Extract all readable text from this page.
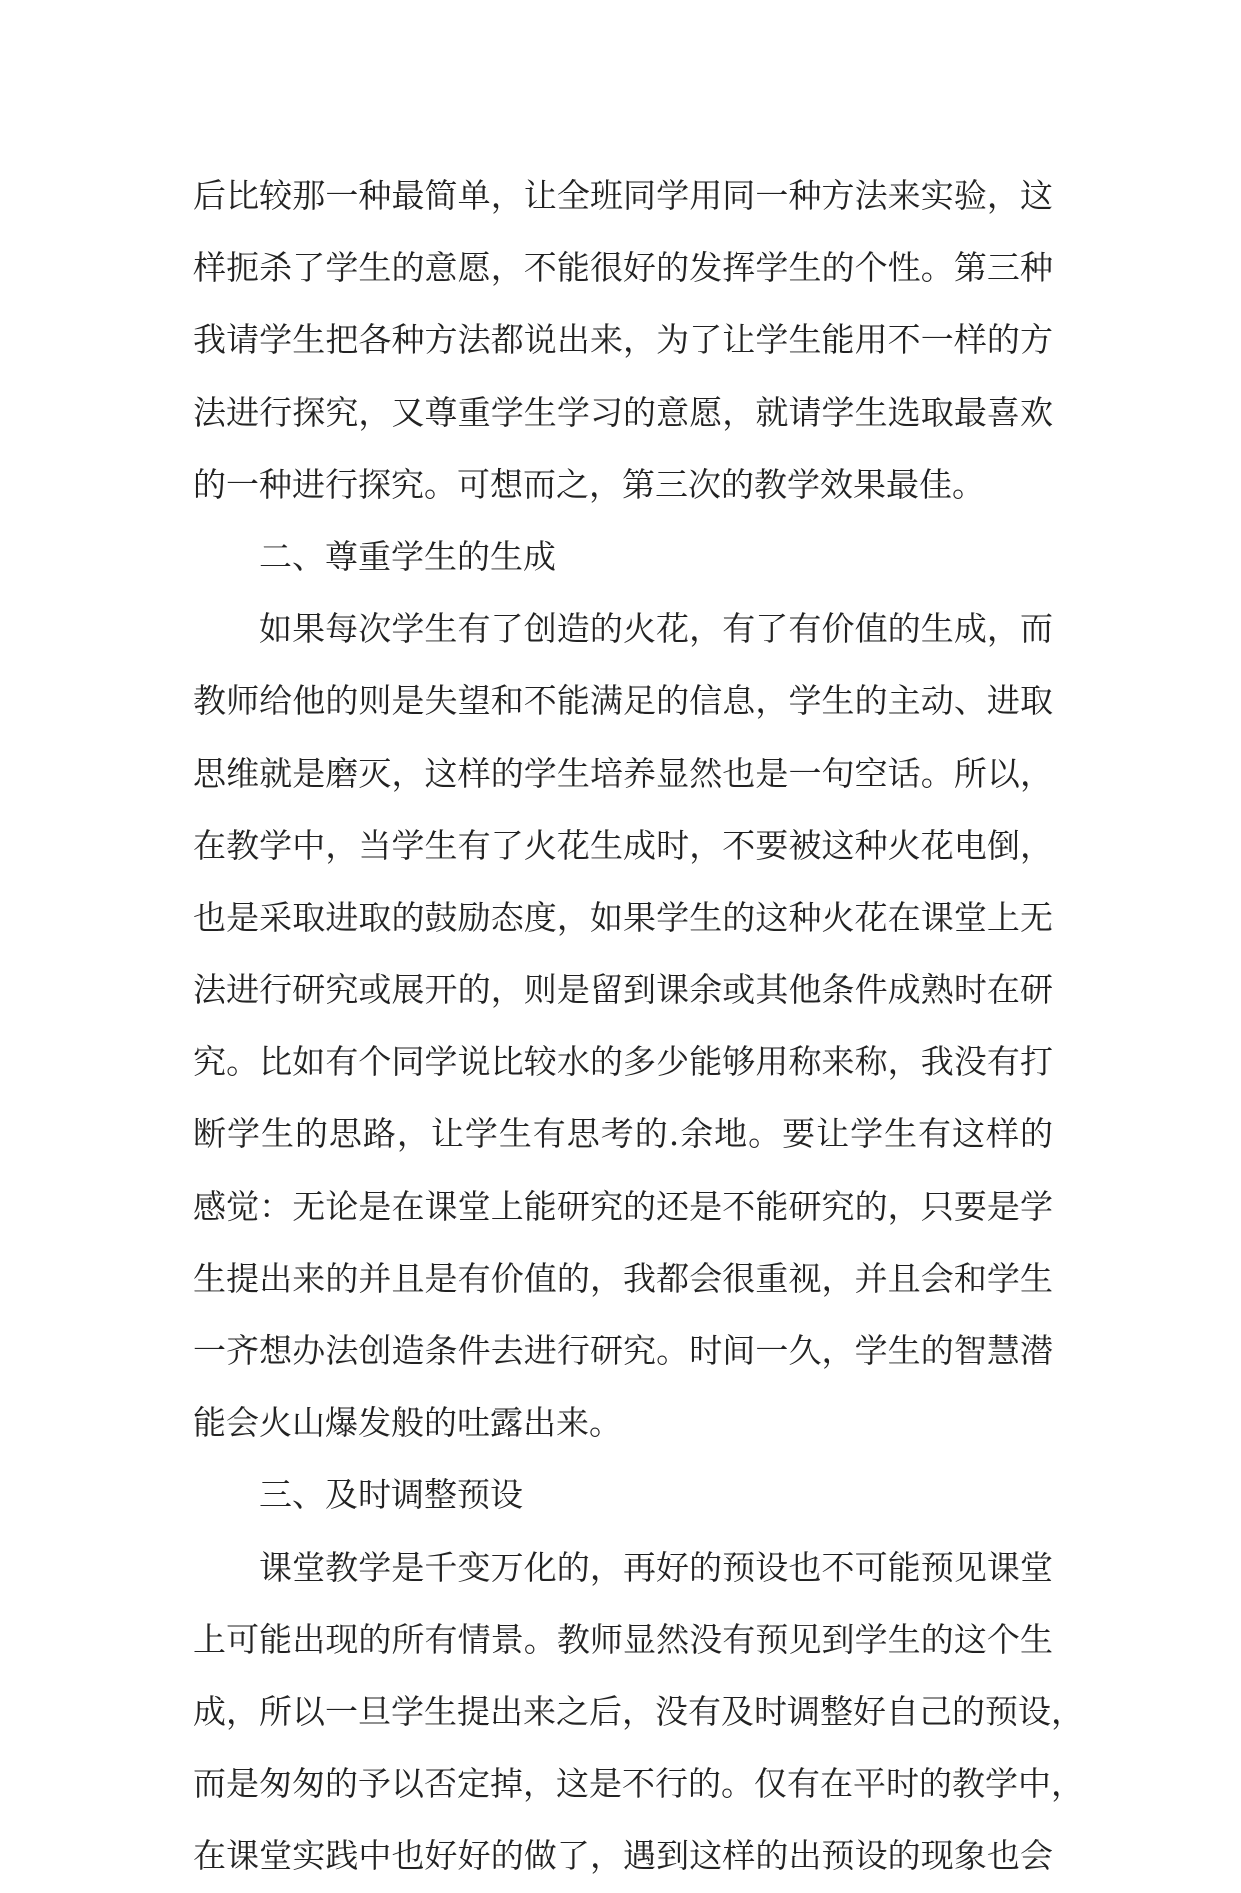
后比较那一种最简单，让全班同学用同一种方法来实验，这
样扼杀了学生的意愿，不能很好的发挥学生的个性。第三种
我请学生把各种方法都说出来，为了让学生能用不一样的方
法进行探究，又尊重学生学习的意愿，就请学生选取最喜欢
的一种进行探究。可想而之，第三次的教学效果最佳。
二、尊重学生的生成
如果每次学生有了创造的火花，有了有价值的生成，而
教师给他的则是失望和不能满足的信息，学生的主动、进取
思维就是磨灭，这样的学生培养显然也是一句空话。所以，
在教学中，当学生有了火花生成时，不要被这种火花电倒，
也是采取进取的鼓励态度，如果学生的这种火花在课堂上无
法进行研究或展开的，则是留到课余或其他条件成熟时在研
究。比如有个同学说比较水的多少能够用称来称，我没有打
断学生的思路，让学生有思考的.余地。要让学生有这样的
感觉：无论是在课堂上能研究的还是不能研究的，只要是学
生提出来的并且是有价值的，我都会很重视，并且会和学生
一齐想办法创造条件去进行研究。时间一久，学生的智慧潜
能会火山爆发般的吐露出来。
三、及时调整预设
课堂教学是千变万化的，再好的预设也不可能预见课堂
上可能出现的所有情景。教师显然没有预见到学生的这个生
成，所以一旦学生提出来之后，没有及时调整好自己的预设，
而是匆匆的予以否定掉，这是不行的。仅有在平时的教学中，
在课堂实践中也好好的做了，遇到这样的出预设的现象也会
